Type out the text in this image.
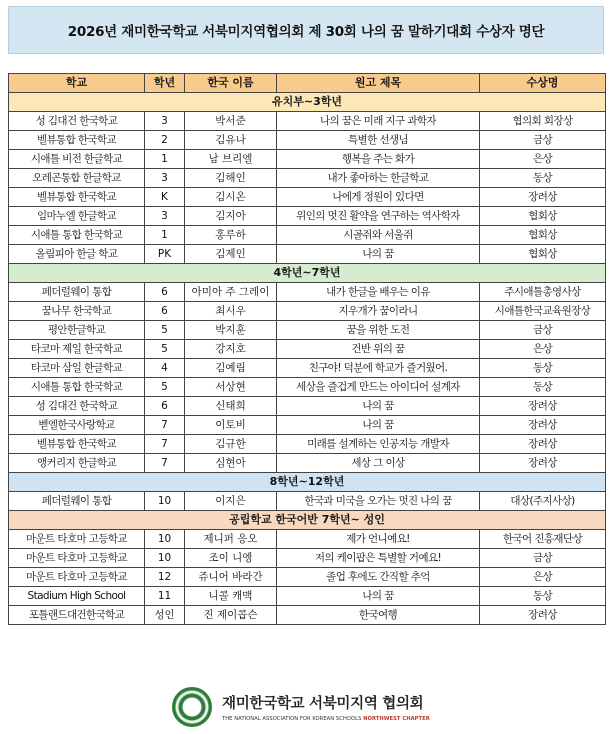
2026년 재미한국학교 서북미지역협의회 제 30회 나의 꿈 말하기대회 수상자 명단
학교	학년	한국 이름	원고 제목	수상명
유치부~3학년				
성 김대건 한국학교	3	박서준	나의 꿈은 미래 지구 과학자	협의회 회장상
벨뷰통합 한국학교	2	김유나	특별한 선생님	금상
시애틀 비전 한글학교	1	남 브리엘	행복을 주는 화가	은상
오레곤통합 한글학교	3	김해인	내가 좋아하는 한글학교	동상
벨뷰통합 한국학교	K	김시온	나에게 정원이 있다면	장려상
임마누엘 한글학교	3	김지아	위인의 멋진 활약을 연구하는 역사학자	협회상
시애틀 통합 한국학교	1	홍루하	시골쥐와 서울쥐	협회상
올림피아 한글 학교	PK	김제인	나의 꿈	협회상
4학년~7학년				
페더럴웨이 통합	6	아미아 주 그레이	내가 한글을 배우는 이유	주시애틀총영사상
꿈나무 한국학교	6	최시우	지우개가 꿈이라니	시애틀한국교육원장상
평안한글학교	5	박지훈	꿈을 위한 도전	금상
타코마 제일 한국학교	5	강지호	건반 위의 꿈	은상
타코마 삼일 한글학교	4	김예림	친구야! 덕분에 학교가 즐거웠어.	동상
시애틀 통합 한국학교	5	서상현	세상을 즐겁게 만드는 아이디어 설계자	동상
성 김대건 한국학교	6	신태희	나의 꿈	장려상
벧엘한국사랑학교	7	이토비	나의 꿈	장려상
벨뷰통합 한국학교	7	김규한	미래를 설계하는 인공지능 개발자	장려상
앵커리지 한글학교	7	심현아	세상 그 이상	장려상
8학년~12학년				
페더럴웨이 통합	10	이지은	한국과 미국을 오가는 멋진 나의 꿈	대상(주지사상)
공립학교 한국어반 7학년~ 성인				
마운트 타호마 고등학교	10	제니퍼 응오	제가 언니예요!	한국어 진흥재단상
마운트 타호마 고등학교	10	조이 니엥	저의 케이팝은 특별할 거예요!	금상
마운트 타호마 고등학교	12	쥬니어 바라간	졸업 후에도 간직할 추억	은상
Stadium High School	11	니콜 캐맥	나의 꿈	동상
포틀랜드대건한국학교	성인	진 제이콥슨	한국여행	장려상
재미한국학교 서북미지역 협의회
THE NATIONAL ASSOCIATION FOR KOREAN SCHOOLS NORTHWEST CHAPTER
